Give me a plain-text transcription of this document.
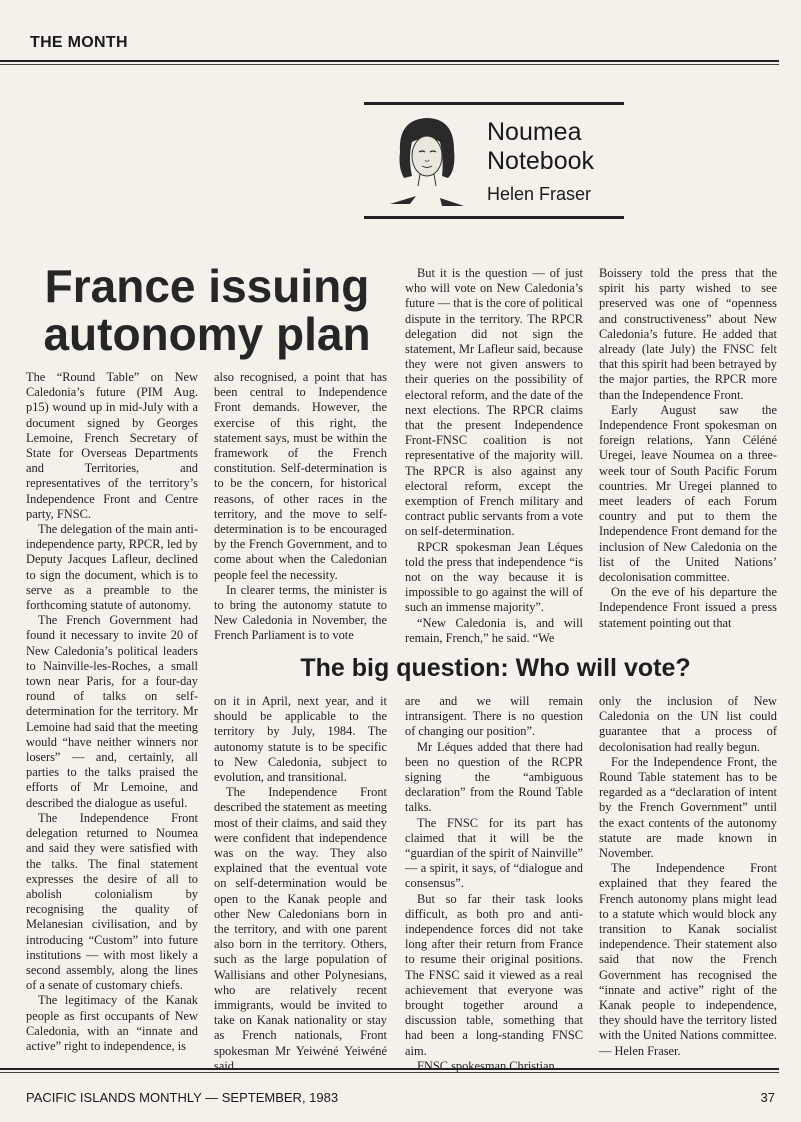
THE MONTH
Noumea
Notebook
Helen Fraser
France issuing
autonomy plan

The “Round Table” on New Caledonia’s future (PIM Aug. p15) wound up in mid-July with a document signed by Georges Lemoine, French Secretary of State for Overseas Departments and Territories, and representatives of the territory’s Independence Front and Centre party, FNSC.

The delegation of the main anti-independence party, RPCR, led by Deputy Jacques Lafleur, declined to sign the document, which is to serve as a preamble to the forthcoming statute of autonomy.

The French Government had found it necessary to invite 20 of New Caledonia’s political leaders to Nainville-les-Roches, a small town near Paris, for a four-day round of talks on self-determination for the territory. Mr Lemoine had said that the meeting would “have neither winners nor losers” — and, certainly, all parties to the talks praised the efforts of Mr Lemoine, and described the dialogue as useful.

The Independence Front delegation returned to Noumea and said they were satisfied with the talks. The final statement expresses the desire of all to abolish colonialism by recognising the quality of Melanesian civilisation, and by introducing “Custom” into future institutions — with most likely a second assembly, along the lines of a senate of customary chiefs.

The legitimacy of the Kanak people as first occupants of New Caledonia, with an “innate and active” right to independence, is

also recognised, a point that has been central to Independence Front demands. However, the exercise of this right, the statement says, must be within the framework of the French constitution. Self-determination is to be the concern, for historical reasons, of other races in the territory, and the move to self-determination is to be encouraged by the French Government, and to come about when the Caledonian people feel the necessity.

In clearer terms, the minister is to bring the autonomy statute to New Caledonia in November, the French Parliament is to vote

But it is the question — of just who will vote on New Caledonia’s future — that is the core of political dispute in the territory. The RPCR delegation did not sign the statement, Mr Lafleur said, because they were not given answers to their queries on the possibility of electoral reform, and the date of the next elections. The RPCR claims that the present Independence Front-FNSC coalition is not representative of the majority will. The RPCR is also against any electoral reform, except the exemption of French military and contract public servants from a vote on self-determination.

RPCR spokesman Jean Léques told the press that independence “is not on the way because it is impossible to go against the will of such an immense majority”.

“New Caledonia is, and will remain, French,” he said. “We

Boissery told the press that the spirit his party wished to see preserved was one of “openness and constructiveness” about New Caledonia’s future. He added that already (late July) the FNSC felt that this spirit had been betrayed by the major parties, the RPCR more than the Independence Front.

Early August saw the Independence Front spokesman on foreign relations, Yann Céléné Uregei, leave Noumea on a three-week tour of South Pacific Forum countries. Mr Uregei planned to meet leaders of each Forum country and put to them the Independence Front demand for the inclusion of New Caledonia on the list of the United Nations’ decolonisation committee.

On the eve of his departure the Independence Front issued a press statement pointing out that

The big question: Who will vote?

on it in April, next year, and it should be applicable to the territory by July, 1984. The autonomy statute is to be specific to New Caledonia, subject to evolution, and transitional.

The Independence Front described the statement as meeting most of their claims, and said they were confident that independence was on the way. They also explained that the eventual vote on self-determination would be open to the Kanak people and other New Caledonians born in the territory, and with one parent also born in the territory. Others, such as the large population of Wallisians and other Polynesians, who are relatively recent immigrants, would be invited to take on Kanak nationality or stay as French nationals, Front spokesman Mr Yeiwéné Yeiwéné said.

are and we will remain intransigent. There is no question of changing our position”.

Mr Léques added that there had been no question of the RCPR signing the “ambiguous declaration” from the Round Table talks.

The FNSC for its part has claimed that it will be the “guardian of the spirit of Nainville” — a spirit, it says, of “dialogue and consensus”.

But so far their task looks difficult, as both pro and anti-independence forces did not take long after their return from France to resume their original positions. The FNSC said it viewed as a real achievement that everyone was brought together around a discussion table, something that had been a long-standing FNSC aim.

FNSC spokesman Christian

only the inclusion of New Caledonia on the UN list could guarantee that a process of decolonisation had really begun.

For the Independence Front, the Round Table statement has to be regarded as a “declaration of intent by the French Government” until the exact contents of the autonomy statute are made known in November.

The Independence Front explained that they feared the French autonomy plans might lead to a statute which would block any transition to Kanak socialist independence. Their statement also said that now the French Government has recognised the “innate and active” right of the Kanak people to independence, they should have the territory listed with the United Nations committee. — Helen Fraser.

PACIFIC ISLANDS MONTHLY — SEPTEMBER, 1983	37
